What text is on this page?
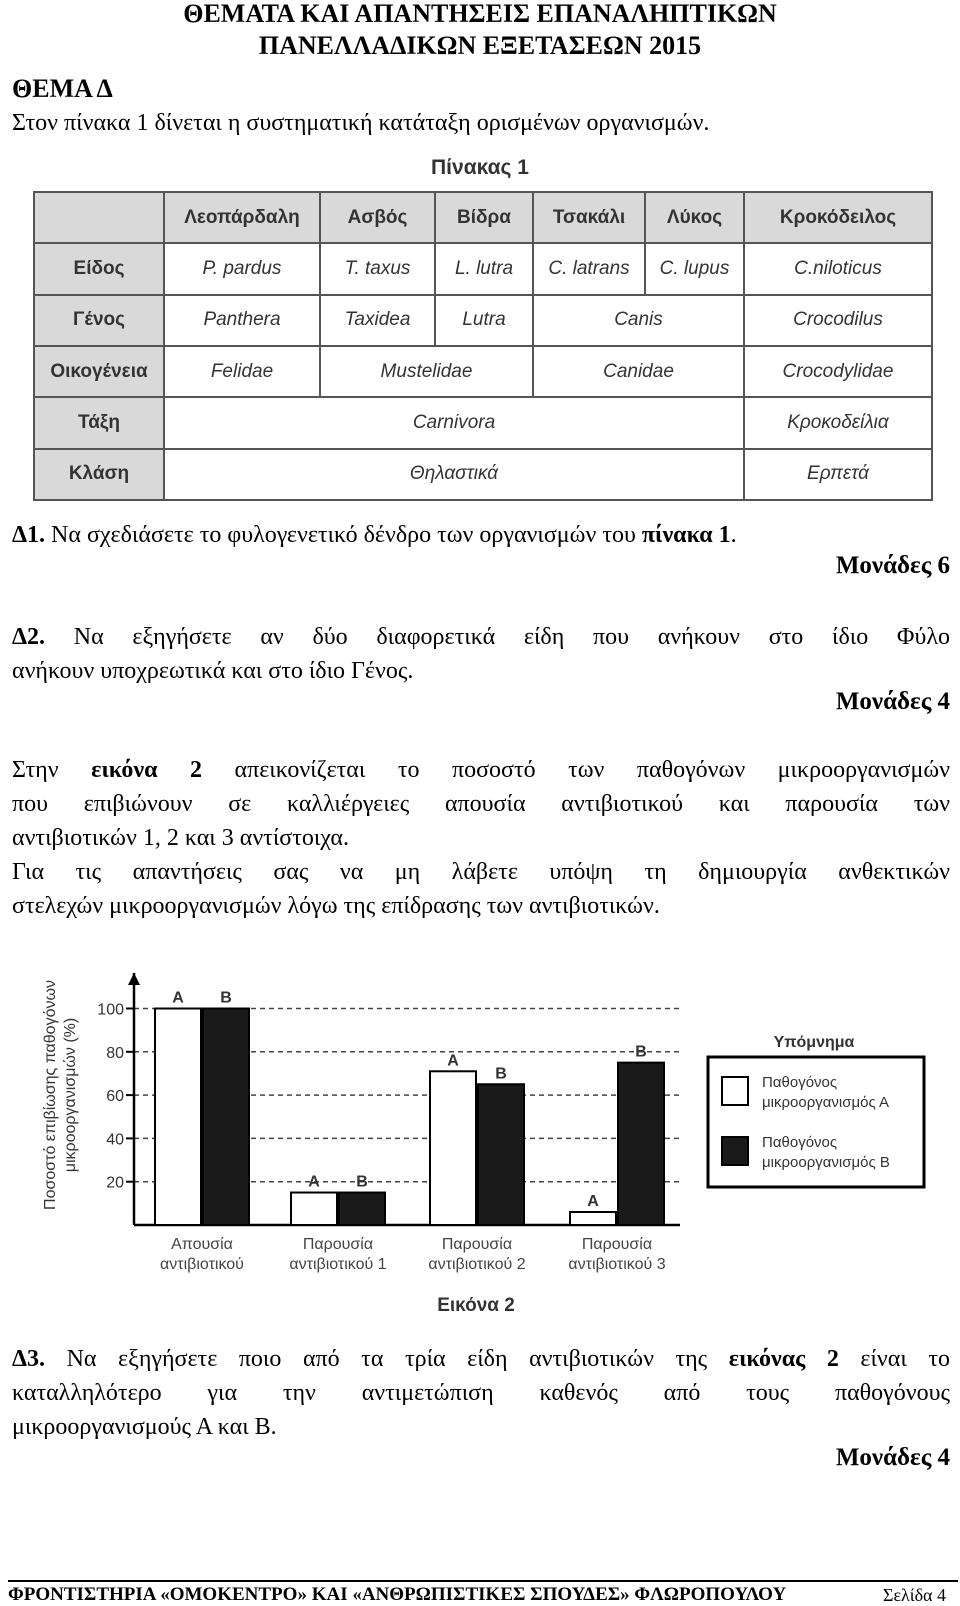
ΘΕΜΑΤΑ ΚΑΙ ΑΠΑΝΤΗΣΕΙΣ ΕΠΑΝΑΛΗΠΤΙΚΩΝ
ΠΑΝΕΛΛΑΔΙΚΩΝ ΕΞΕΤΑΣΕΩΝ 2015
ΘΕΜΑ Δ
Στον πίνακα 1 δίνεται η συστηματική κατάταξη ορισμένων οργανισμών.
Πίνακας 1
	Λεοπάρδαλη	Ασβός	Βίδρα	Τσακάλι	Λύκος	Κροκόδειλος
Είδος	P. pardus	T. taxus	L. lutra	C. latrans	C. lupus	C.niloticus
Γένος	Panthera	Taxidea	Lutra	Canis		Crocodilus
Οικογένεια	Felidae	Mustelidae		Canidae		Crocodylidae
Τάξη	Carnivora					Κροκοδείλια
Κλάση	Θηλαστικά					Ερπετά
Δ1. Να σχεδιάσετε το φυλογενετικό δένδρο των οργανισμών του πίνακα 1.
Μονάδες 6
Δ2. Να εξηγήσετε αν δύο διαφορετικά είδη που ανήκουν στο ίδιο Φύλο
ανήκουν υποχρεωτικά και στο ίδιο Γένος.
Μονάδες 4
Στην εικόνα 2 απεικονίζεται το ποσοστό των παθογόνων μικροοργανισμών
που επιβιώνουν σε καλλιέργειες απουσία αντιβιοτικού και παρουσία των
αντιβιοτικών 1, 2 και 3 αντίστοιχα.
Για τις απαντήσεις σας να μη λάβετε υπόψη τη δημιουργία ανθεκτικών
στελεχών μικροοργανισμών λόγω της επίδρασης των αντιβιοτικών.
20
40
60
80
100
Ποσοστό επιβίωσης παθογόνων μικροοργανισμών (%)
A B
Απουσία
αντιβιοτικού
A B
Παρουσία
αντιβιοτικού 1
A
B
Παρουσία
αντιβιοτικού 2
A
B
Παρουσία
αντιβιοτικού 3
Εικόνα 2
Υπόμνημα
Παθογόνος
μικροοργανισμός Α
Παθογόνος
μικροοργανισμός Β
Δ3. Να εξηγήσετε ποιο από τα τρία είδη αντιβιοτικών της εικόνας 2 είναι το
καταλληλότερο για την αντιμετώπιση καθενός από τους παθογόνους
μικροοργανισμούς Α και Β.
Μονάδες 4
ΦΡΟΝΤΙΣΤΗΡΙΑ «ΟΜΟΚΕΝΤΡΟ» ΚΑΙ «ΑΝΘΡΩΠΙΣΤΙΚΕΣ ΣΠΟΥΔΕΣ» ΦΛΩΡΟΠΟΥΛΟΥ	Σελίδα 4
